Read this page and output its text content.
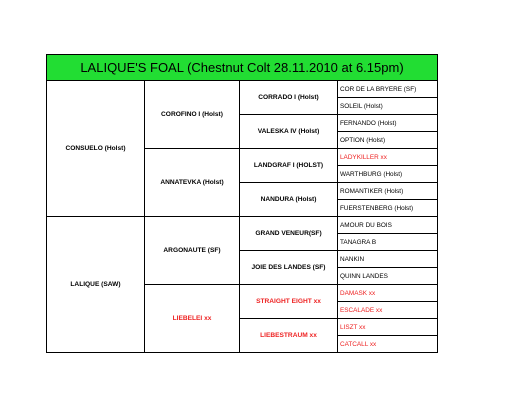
LALIQUE'S FOAL (Chestnut Colt 28.11.2010 at 6.15pm)			
CONSUELO (Holst)	COROFINO I (Holst)	CORRADO I (Holst)	COR DE LA BRYERE (SF)
			SOLEIL (Holst)
		VALESKA IV (Holst)	FERNANDO (Holst)
			OPTION (Holst)
	ANNATEVKA (Holst)	LANDGRAF I (HOLST)	LADYKILLER xx
			WARTHBURG (Holst)
		NANDURA (Holst)	ROMANTIKER (Holst)
			FUERSTENBERG (Holst)
LALIQUE (SAW)	ARGONAUTE (SF)	GRAND VENEUR(SF)	AMOUR DU BOIS
			TANAGRA B
		JOIE DES LANDES (SF)	NANKIN
			QUINN LANDES
	LIEBELEI xx	STRAIGHT EIGHT xx	DAMASK xx
			ESCALADE xx
		LIEBESTRAUM xx	LISZT xx
			CATCALL xx
